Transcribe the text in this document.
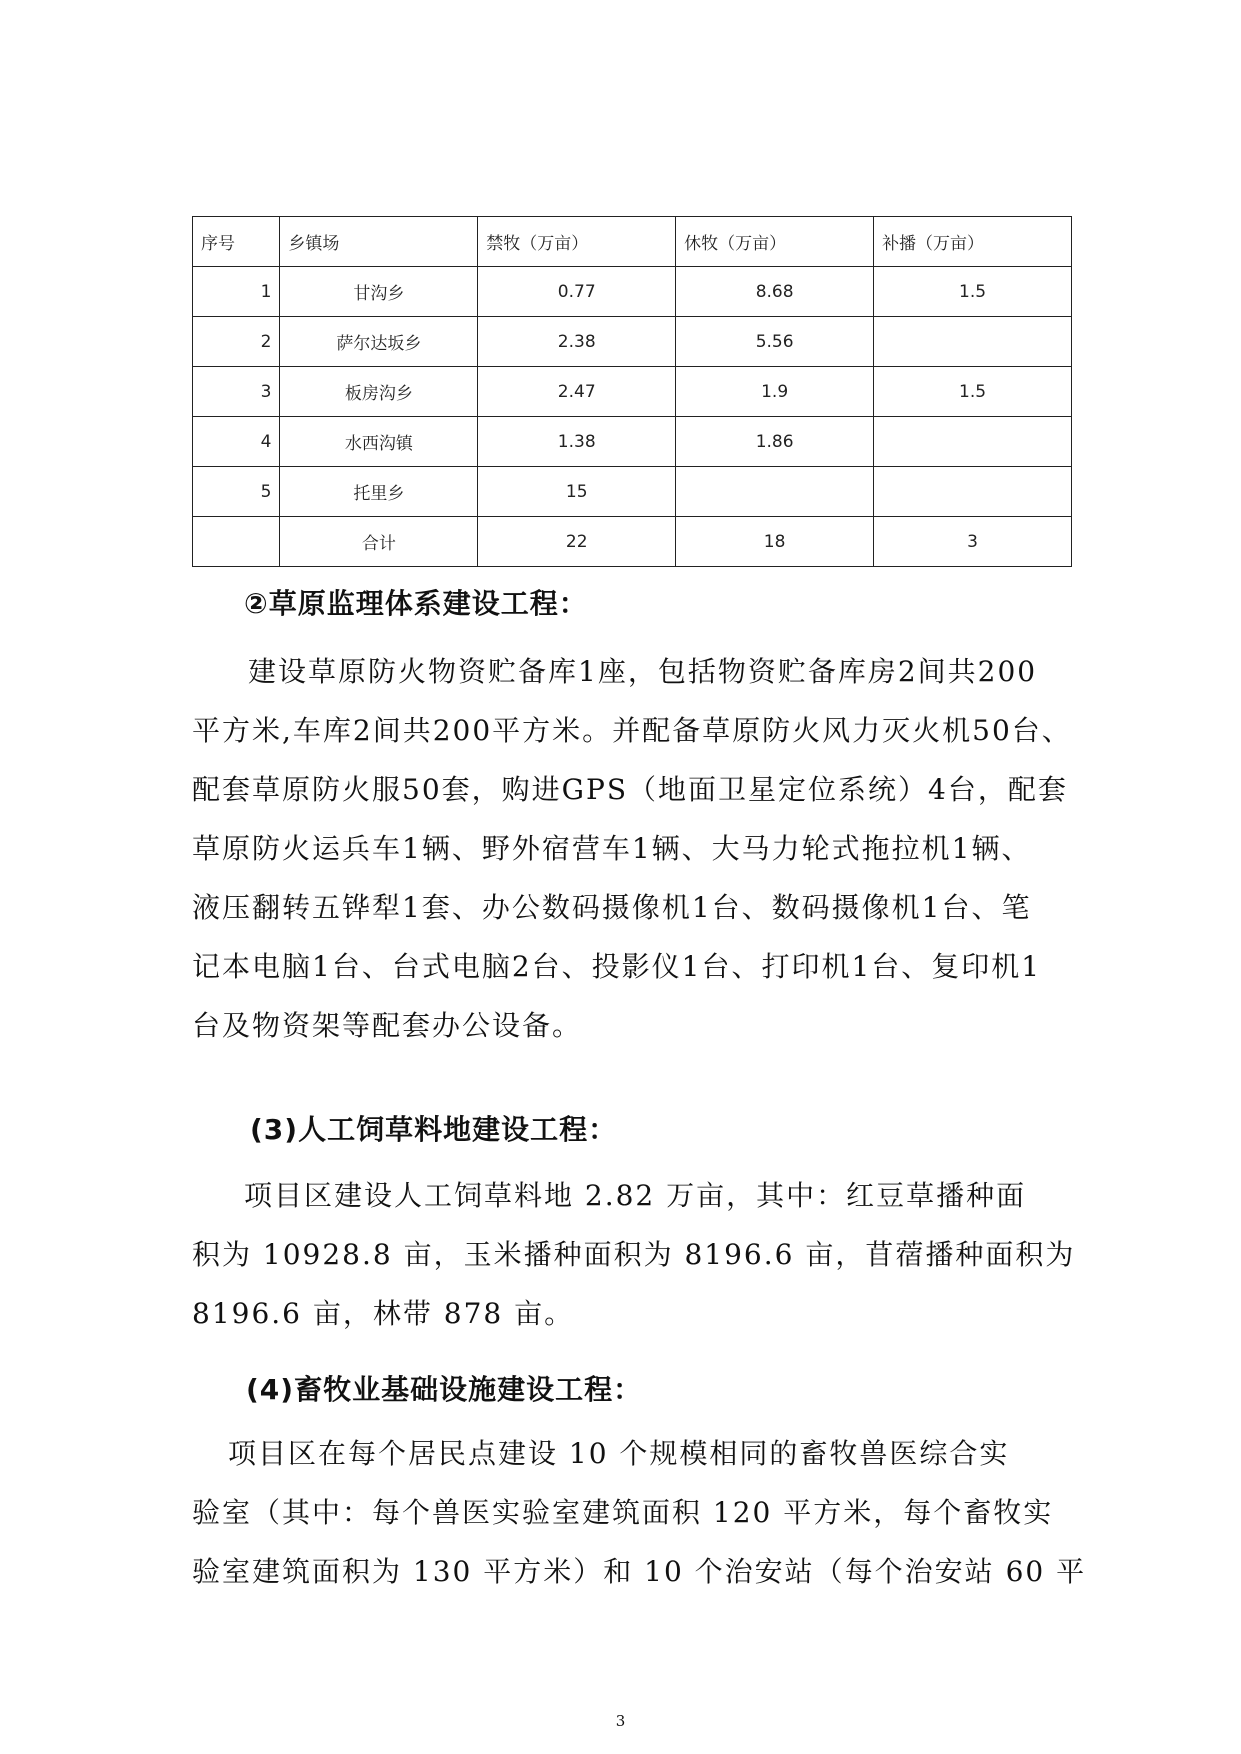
序号	乡镇场	禁牧（万亩）	休牧（万亩）	补播（万亩）
1	甘沟乡	0.77	8.68	1.5
2	萨尔达坂乡	2.38	5.56	
3	板房沟乡	2.47	1.9	1.5
4	水西沟镇	1.38	1.86	
5	托里乡	15		
	合计	22	18	3
②草原监理体系建设工程：
建设草原防火物资贮备库1座，包括物资贮备库房2间共200
平方米,车库2间共200平方米。并配备草原防火风力灭火机50台、
配套草原防火服50套，购进GPS（地面卫星定位系统）4台，配套
草原防火运兵车1辆、野外宿营车1辆、大马力轮式拖拉机1辆、
液压翻转五铧犁1套、办公数码摄像机1台、数码摄像机1台、笔
记本电脑1台、台式电脑2台、投影仪1台、打印机1台、复印机1
台及物资架等配套办公设备。
(3)人工饲草料地建设工程：
项目区建设人工饲草料地 2.82 万亩，其中：红豆草播种面
积为 10928.8 亩，玉米播种面积为 8196.6 亩，苜蓿播种面积为
8196.6 亩，林带 878 亩。
(4)畜牧业基础设施建设工程：
项目区在每个居民点建设 10 个规模相同的畜牧兽医综合实
验室（其中：每个兽医实验室建筑面积 120 平方米，每个畜牧实
验室建筑面积为 130 平方米）和 10 个治安站（每个治安站 60 平
3
